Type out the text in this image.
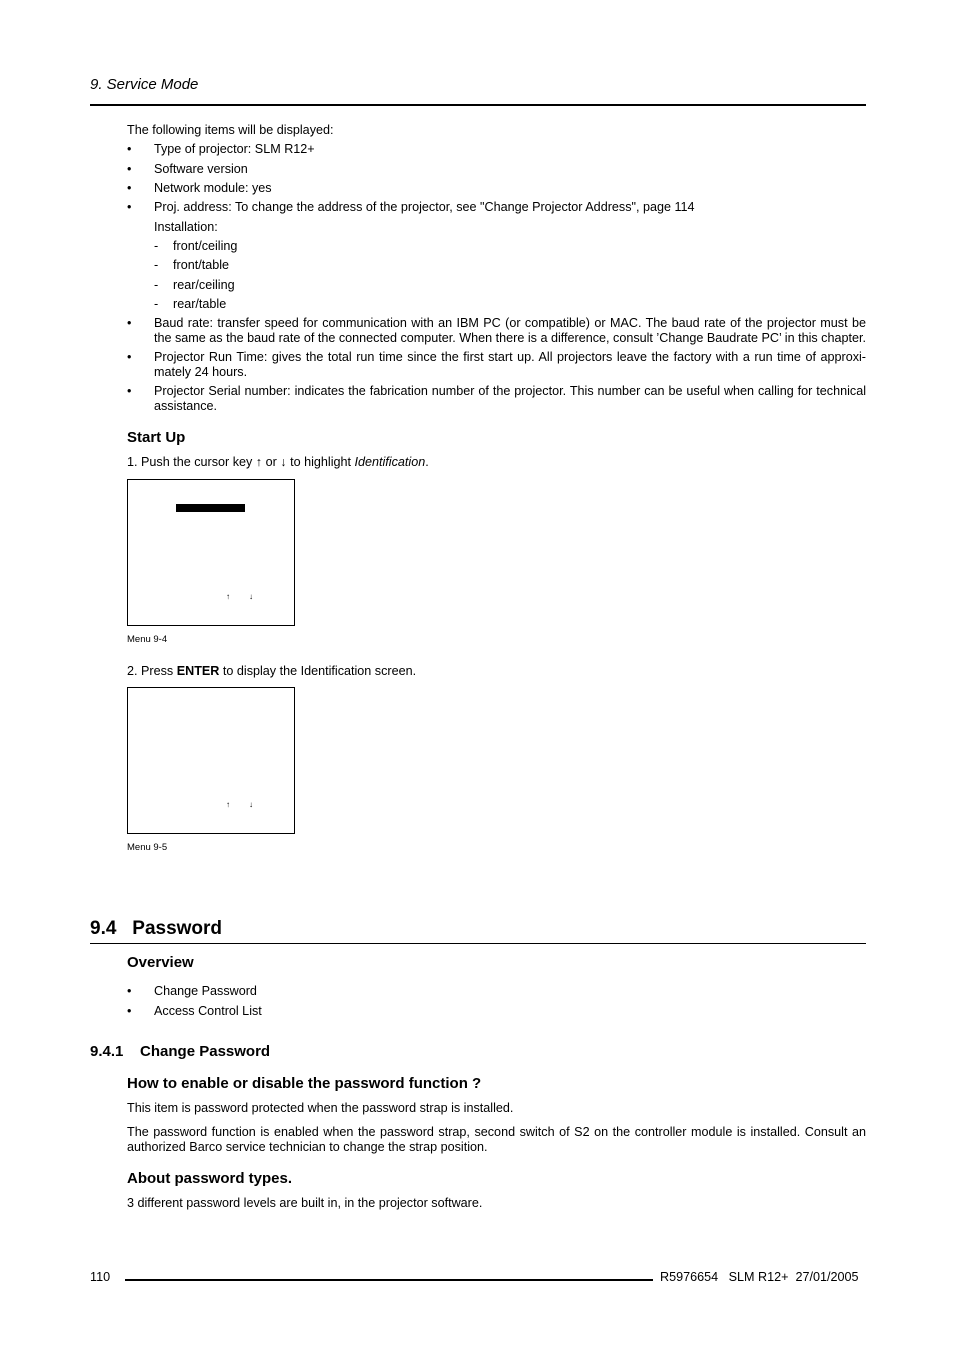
9. Service Mode
The following items will be displayed:
• Type of projector: SLM R12+
• Software version
• Network module: yes
• Proj. address: To change the address of the projector, see "Change Projector Address", page 114
Installation:
- front/ceiling
- front/table
- rear/ceiling
- rear/table
• Baud rate: transfer speed for communication with an IBM PC (or compatible) or MAC. The baud rate of the projector must be the same as the baud rate of the connected computer. When there is a difference, consult ’Change Baudrate PC’ in this chapter.
• Projector Run Time: gives the total run time since the first start up. All projectors leave the factory with a run time of approxi- mately 24 hours.
• Projector Serial number: indicates the fabrication number of the projector. This number can be useful when calling for technical assistance.
Start Up
1. Push the cursor key ↑ or ↓ to highlight Identification.
↑ ↓
Menu 9-4
2. Press ENTER to display the Identification screen.
↑ ↓
Menu 9-5
9.4 Password
Overview
• Change Password
• Access Control List
9.4.1 Change Password
How to enable or disable the password function ?
This item is password protected when the password strap is installed.
The password function is enabled when the password strap, second switch of S2 on the controller module is installed. Consult an authorized Barco service technician to change the strap position.
About password types.
3 different password levels are built in, in the projector software.
110	R5976654   SLM R12+  27/01/2005
